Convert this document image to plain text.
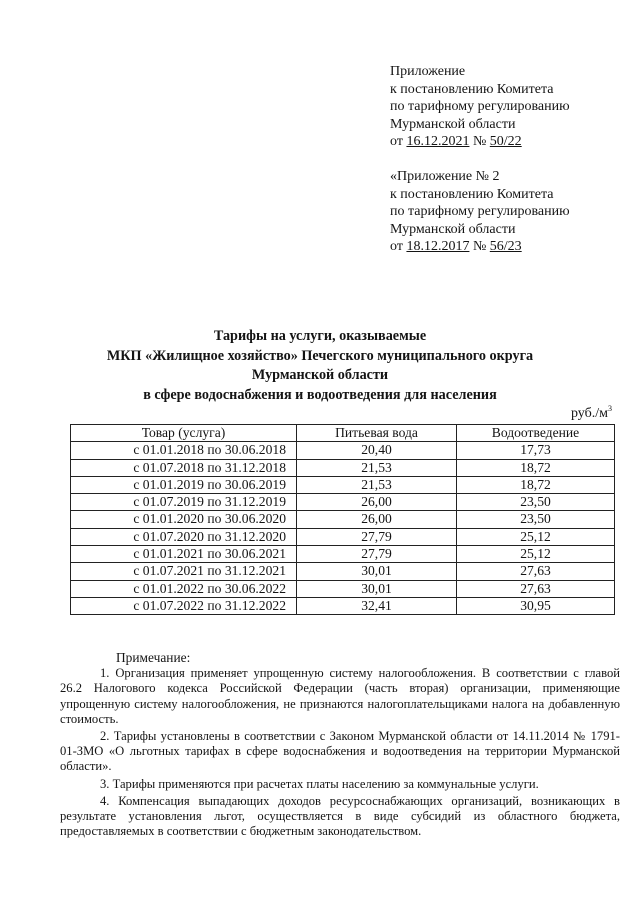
Приложение
к постановлению Комитета
по тарифному регулированию
Мурманской области
от 16.12.2021 № 50/22
«Приложение № 2
к постановлению Комитета
по тарифному регулированию
Мурманской области
от 18.12.2017 № 56/23
Тарифы на услуги, оказываемые
МКП «Жилищное хозяйство» Печегского муниципального округа
Мурманской области
в сфере водоснабжения и водоотведения для населения
$руб./м^3$
Товар (услуга)	Питьевая вода	Водоотведение
с 01.01.2018 по 30.06.2018	20,40	17,73
с 01.07.2018 по 31.12.2018	21,53	18,72
с 01.01.2019 по 30.06.2019	21,53	18,72
с 01.07.2019 по 31.12.2019	26,00	23,50
с 01.01.2020 по 30.06.2020	26,00	23,50
с 01.07.2020 по 31.12.2020	27,79	25,12
с 01.01.2021 по 30.06.2021	27,79	25,12
с 01.07.2021 по 31.12.2021	30,01	27,63
с 01.01.2022 по 30.06.2022	30,01	27,63
с 01.07.2022 по 31.12.2022	32,41	30,95
Примечание:

1. Организация применяет упрощенную систему налогообложения. В соответствии с главой 26.2 Налогового кодекса Российской Федерации (часть вторая) организации, применяющие упрощенную систему налогообложения, не признаются налогоплательщиками налога на добавленную стоимость.

2. Тарифы установлены в соответствии с Законом Мурманской области от 14.11.2014 № 1791-01-ЗМО «О льготных тарифах в сфере водоснабжения и водоотведения на территории Мурманской области».

3. Тарифы применяются при расчетах платы населению за коммунальные услуги.

4. Компенсация выпадающих доходов ресурсоснабжающих организаций, возникающих в результате установления льгот, осуществляется в виде субсидий из областного бюджета, предоставляемых в соответствии с бюджетным законодательством.
